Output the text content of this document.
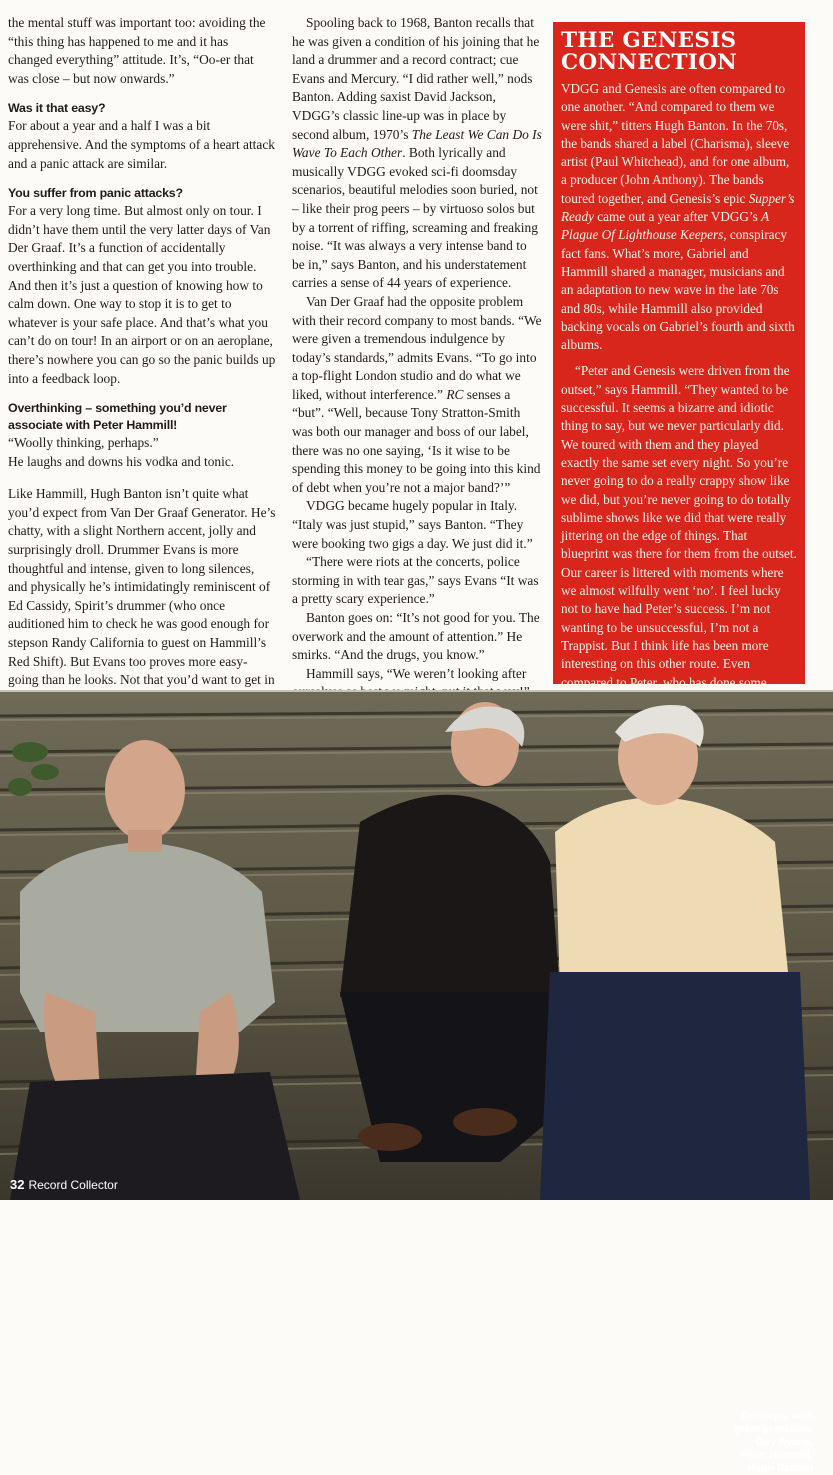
the mental stuff was important too: avoiding the “this thing has happened to me and it has changed everything” attitude. It’s, “Oo-er that was close – but now onwards.”

Was it that easy?

For about a year and a half I was a bit apprehensive. And the symptoms of a heart attack and a panic attack are similar.

You suffer from panic attacks?

For a very long time. But almost only on tour. I didn’t have them until the very latter days of Van Der Graaf. It’s a function of accidentally overthinking and that can get you into trouble. And then it’s just a question of knowing how to calm down. One way to stop it is to get to whatever is your safe place. And that’s what you can’t do on tour! In an airport or on an aeroplane, there’s nowhere you can go so the panic builds up into a feedback loop.

Overthinking – something you’d never associate with Peter Hammill!

“Woolly thinking, perhaps.”

He laughs and downs his vodka and tonic.

Like Hammill, Hugh Banton isn’t quite what you’d expect from Van Der Graaf Generator. He’s chatty, with a slight Northern accent, jolly and surprisingly droll. Drummer Evans is more thoughtful and intense, given to long silences, and physically he’s intimidatingly reminiscent of Ed Cassidy, Spirit’s drummer (who once auditioned him to check he was good enough for stepson Randy California to guest on Hammill’s Red Shift). But Evans too proves more easy-going than he looks. Not that you’d want to get in

Spooling back to 1968, Banton recalls that he was given a condition of his joining that he land a drummer and a record contract; cue Evans and Mercury. “I did rather well,” nods Banton. Adding saxist David Jackson, VDGG’s classic line-up was in place by second album, 1970’s The Least We Can Do Is Wave To Each Other. Both lyrically and musically VDGG evoked sci-fi doomsday scenarios, beautiful melodies soon buried, not – like their prog peers – by virtuoso solos but by a torrent of riffing, screaming and freaking noise. “It was always a very intense band to be in,” says Banton, and his understatement carries a sense of 44 years of experience.

Van Der Graaf had the opposite problem with their record company to most bands. “We were given a tremendous indulgence by today’s standards,” admits Evans. “To go into a top-flight London studio and do what we liked, without interference.” RC senses a “but”. “Well, because Tony Stratton-Smith was both our manager and boss of our label, there was no one saying, ‘Is it wise to be spending this money to be going into this kind of debt when you’re not a major band?’”

VDGG became hugely popular in Italy. “Italy was just stupid,” says Banton. “They were booking two gigs a day. We just did it.”

“There were riots at the concerts, police storming in with tear gas,” says Evans “It was a pretty scary experience.”

Banton goes on: “It’s not good for you. The overwork and the amount of attention.” He smirks. “And the drugs, you know.”

Hammill says, “We weren’t looking after

THE GENESIS CONNECTION

VDGG and Genesis are often compared to one another. “And compared to them we were shit,” titters Hugh Banton. In the 70s, the bands shared a label (Charisma), sleeve artist (Paul Whitchead), and for one album, a producer (John Anthony). The bands toured together, and Genesis’s epic Supper’s Ready came out a year after VDGG’s A Plague Of Lighthouse Keepers, conspiracy fact fans. What’s more, Gabriel and Hammill shared a manager, musicians and an adaptation to new wave in the late 70s and 80s, while Hammill also provided backing vocals on Gabriel’s fourth and sixth albums.

“Peter and Genesis were driven from the outset,” says Hammill. “They wanted to be successful. It seems a bizarre and idiotic thing to say, but we never particularly did. We toured with them and they played exactly the same set every night. So you’re never going to do a really crappy show like we did, but you’re never going to do totally sublime shows like we did that were really jittering on the edge of things. That blueprint was there for them from the outset. Our career is littered with moments where we almost wilfully went ‘no’. I feel lucky not to have had Peter’s success. I’m not wanting to be unsuccessful, I’m not a Trappist. But I think life has been more interesting on this other route. Even compared to Peter, who has done some

On steps, with
great precision:
Guy Evans,
Peter Hammill,
Hugh Banton
32 Record Collector
